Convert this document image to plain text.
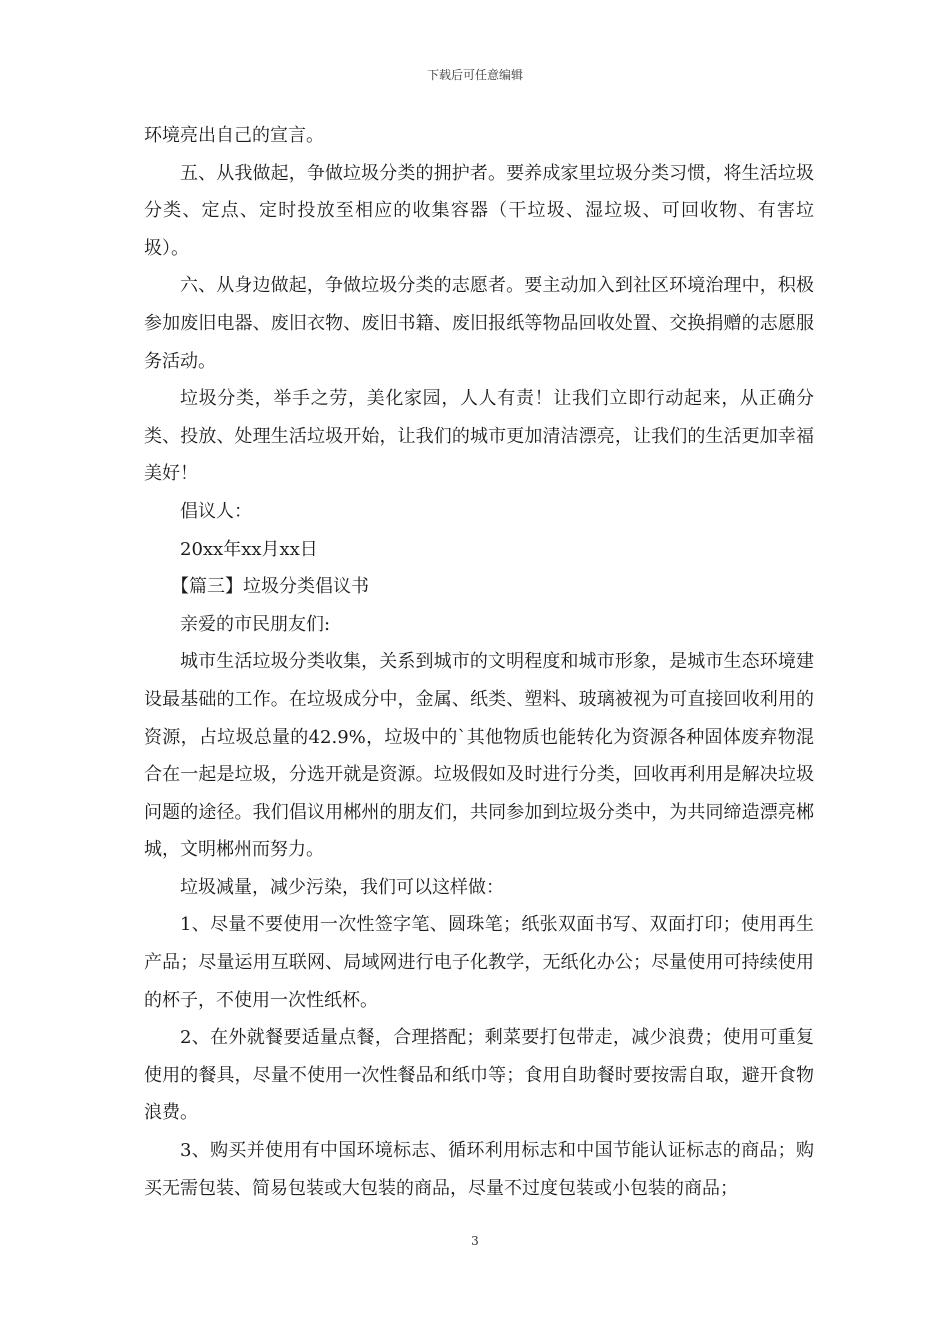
下载后可任意编辑

环境亮出自己的宣言。

五、从我做起，争做垃圾分类的拥护者。要养成家里垃圾分类习惯，将生活垃圾分类、定点、定时投放至相应的收集容器（干垃圾、湿垃圾、可回收物、有害垃圾）。

六、从身边做起，争做垃圾分类的志愿者。要主动加入到社区环境治理中，积极参加废旧电器、废旧衣物、废旧书籍、废旧报纸等物品回收处置、交换捐赠的志愿服务活动。

垃圾分类，举手之劳，美化家园，人人有责！让我们立即行动起来，从正确分类、投放、处理生活垃圾开始，让我们的城市更加清洁漂亮，让我们的生活更加幸福美好！

倡议人：

20xx年xx月xx日

【篇三】垃圾分类倡议书

亲爱的市民朋友们:

城市生活垃圾分类收集，关系到城市的文明程度和城市形象，是城市生态环境建设最基础的工作。在垃圾成分中，金属、纸类、塑料、玻璃被视为可直接回收利用的资源，占垃圾总量的42.9%，垃圾中的`其他物质也能转化为资源各种固体废弃物混合在一起是垃圾，分选开就是资源。垃圾假如及时进行分类，回收再利用是解决垃圾问题的途径。我们倡议用郴州的朋友们，共同参加到垃圾分类中，为共同缔造漂亮郴城，文明郴州而努力。

垃圾减量，减少污染，我们可以这样做：

1、尽量不要使用一次性签字笔、圆珠笔；纸张双面书写、双面打印；使用再生产品；尽量运用互联网、局域网进行电子化教学，无纸化办公；尽量使用可持续使用的杯子，不使用一次性纸杯。

2、在外就餐要适量点餐，合理搭配；剩菜要打包带走，减少浪费；使用可重复使用的餐具，尽量不使用一次性餐品和纸巾等；食用自助餐时要按需自取，避开食物浪费。

3、购买并使用有中国环境标志、循环利用标志和中国节能认证标志的商品；购买无需包装、简易包装或大包装的商品，尽量不过度包装或小包装的商品；

3
